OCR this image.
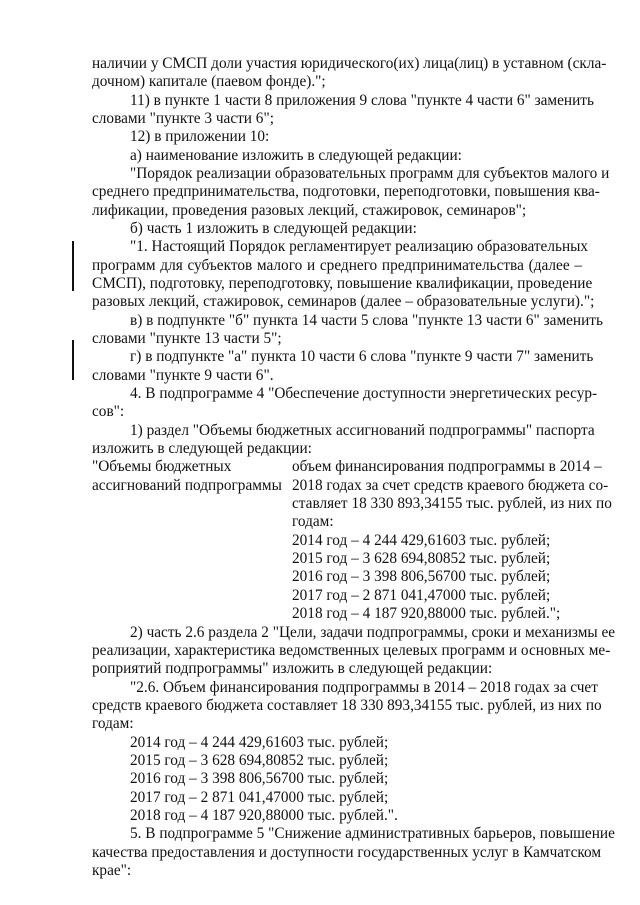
наличии у СМСП доли участия юридического(их) лица(лиц) в уставном (скла-
дочном) капитале (паевом фонде).";
11) в пункте 1 части 8 приложения 9 слова "пункте 4 части 6" заменить
словами "пункте 3 части 6";
12) в приложении 10:
а) наименование изложить в следующей редакции:
"Порядок реализации образовательных программ для субъектов малого и
среднего предпринимательства, подготовки, переподготовки, повышения ква-
лификации, проведения разовых лекций, стажировок, семинаров";
б) часть 1 изложить в следующей редакции:
"1. Настоящий Порядок регламентирует реализацию образовательных
программ для субъектов малого и среднего предпринимательства (далее –
СМСП), подготовку, переподготовку, повышение квалификации, проведение
разовых лекций, стажировок, семинаров (далее – образовательные услуги).";
в) в подпункте "б" пункта 14 части 5 слова "пункте 13 части 6" заменить
словами "пункте 13 части 5";
г) в подпункте "а" пункта 10 части 6 слова "пункте 9 части 7" заменить
словами "пункте 9 части 6".
4. В подпрограмме 4 "Обеспечение доступности энергетических ресур-
сов":
1) раздел "Объемы бюджетных ассигнований подпрограммы" паспорта
изложить в следующей редакции:
"Объемы бюджетных
ассигнований подпрограммы
объем финансирования подпрограммы в 2014 –
2018 годах за счет средств краевого бюджета со-
ставляет 18 330 893,34155 тыс. рублей, из них по
годам:
2014 год – 4 244 429,61603 тыс. рублей;
2015 год – 3 628 694,80852 тыс. рублей;
2016 год – 3 398 806,56700 тыс. рублей;
2017 год – 2 871 041,47000 тыс. рублей;
2018 год – 4 187 920,88000 тыс. рублей.";
2) часть 2.6 раздела 2 "Цели, задачи подпрограммы, сроки и механизмы ее
реализации, характеристика ведомственных целевых программ и основных ме-
роприятий подпрограммы" изложить в следующей редакции:
"2.6. Объем финансирования подпрограммы в 2014 – 2018 годах за счет
средств краевого бюджета составляет 18 330 893,34155 тыс. рублей, из них по
годам:
2014 год – 4 244 429,61603 тыс. рублей;
2015 год – 3 628 694,80852 тыс. рублей;
2016 год – 3 398 806,56700 тыс. рублей;
2017 год – 2 871 041,47000 тыс. рублей;
2018 год – 4 187 920,88000 тыс. рублей.".
5. В подпрограмме 5 "Снижение административных барьеров, повышение
качества предоставления и доступности государственных услуг в Камчатском
крае":
